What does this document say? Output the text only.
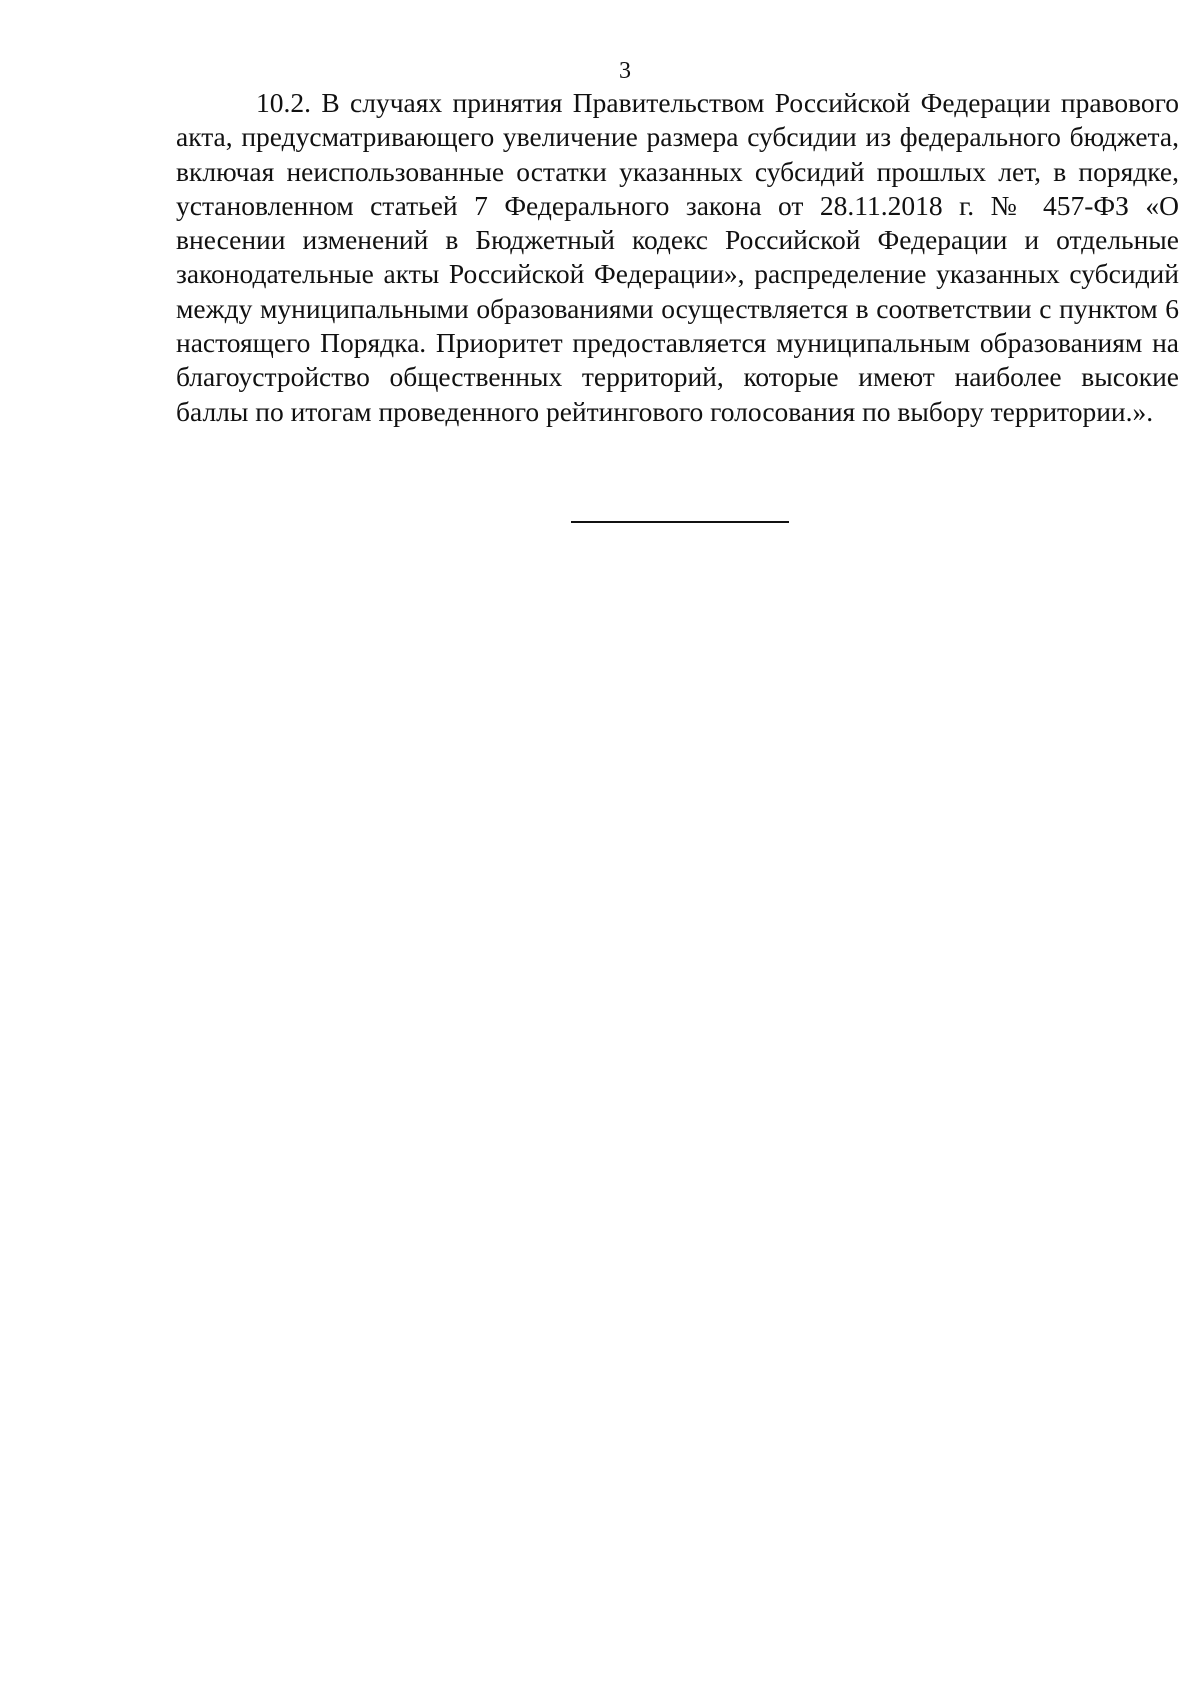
3

10.2. В случаях принятия Правительством Российской Федерации правового акта, предусматривающего увеличение размера субсидии из федерального бюджета, включая неиспользованные остатки указанных субсидий прошлых лет, в порядке, установленном статьей 7 Федерального закона от 28.11.2018 г. № 457-ФЗ «О внесении изменений в Бюджетный кодекс Российской Федерации и отдельные законодательные акты Российской Федерации», распределение указанных субсидий между муниципальными образованиями осуществляется в соответствии с пунктом 6 настоящего Порядка. Приоритет предоставляется муниципальным образованиям на благоустройство общественных территорий, которые имеют наиболее высокие баллы по итогам проведенного рейтингового голосования по выбору территории.».
